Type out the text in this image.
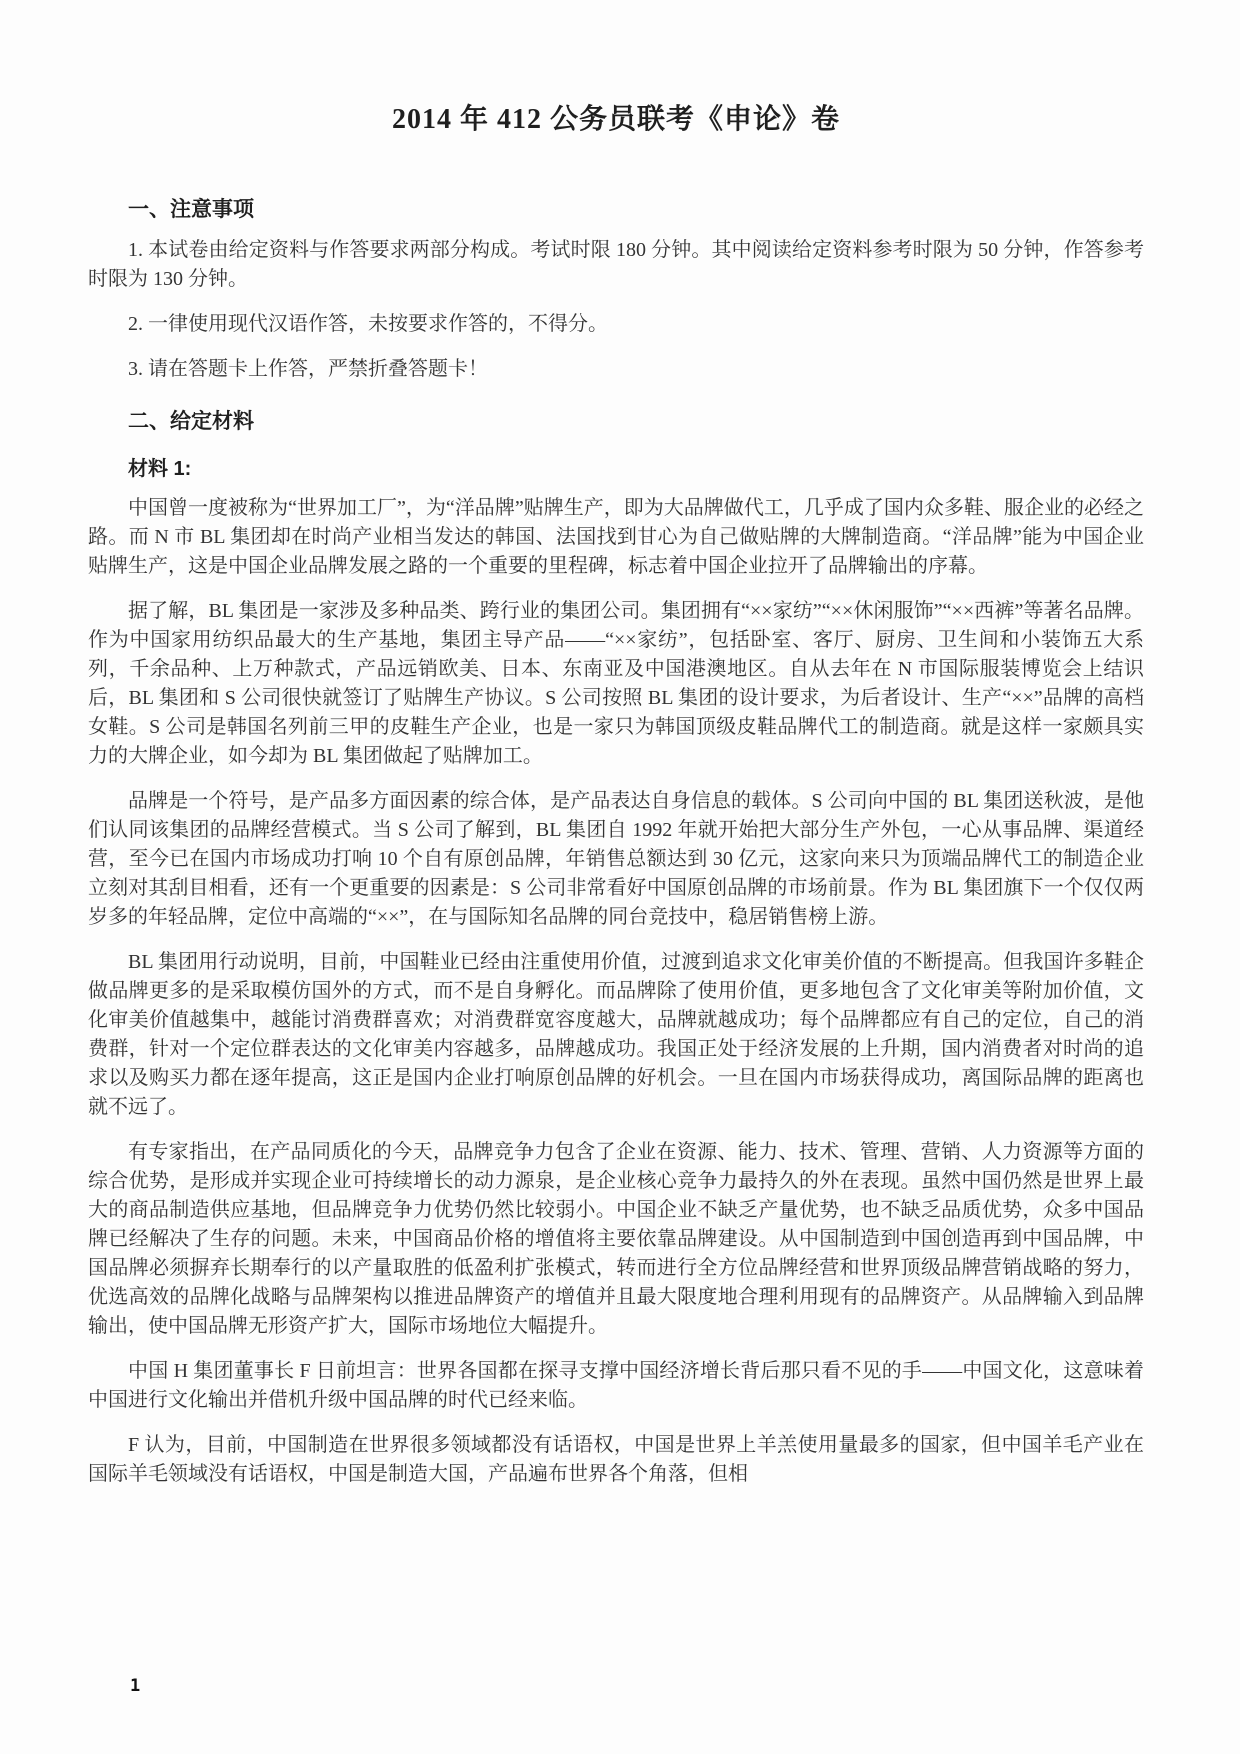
2014 年 412 公务员联考《申论》卷
一、注意事项

1. 本试卷由给定资料与作答要求两部分构成。考试时限 180 分钟。其中阅读给定资料参考时限为 50 分钟，作答参考时限为 130 分钟。

2. 一律使用现代汉语作答，未按要求作答的，不得分。

3. 请在答题卡上作答，严禁折叠答题卡！

二、给定材料
材料 1:

中国曾一度被称为“世界加工厂”，为“洋品牌”贴牌生产，即为大品牌做代工，几乎成了国内众多鞋、服企业的必经之路。而 N 市 BL 集团却在时尚产业相当发达的韩国、法国找到甘心为自己做贴牌的大牌制造商。“洋品牌”能为中国企业贴牌生产，这是中国企业品牌发展之路的一个重要的里程碑，标志着中国企业拉开了品牌输出的序幕。

据了解，BL 集团是一家涉及多种品类、跨行业的集团公司。集团拥有“××家纺”“××休闲服饰”“××西裤”等著名品牌。作为中国家用纺织品最大的生产基地，集团主导产品——“××家纺”，包括卧室、客厅、厨房、卫生间和小装饰五大系列，千余品种、上万种款式，产品远销欧美、日本、东南亚及中国港澳地区。自从去年在 N 市国际服装博览会上结识后，BL 集团和 S 公司很快就签订了贴牌生产协议。S 公司按照 BL 集团的设计要求，为后者设计、生产“××”品牌的高档女鞋。S 公司是韩国名列前三甲的皮鞋生产企业，也是一家只为韩国顶级皮鞋品牌代工的制造商。就是这样一家颇具实力的大牌企业，如今却为 BL 集团做起了贴牌加工。

品牌是一个符号，是产品多方面因素的综合体，是产品表达自身信息的载体。S 公司向中国的 BL 集团送秋波，是他们认同该集团的品牌经营模式。当 S 公司了解到，BL 集团自 1992 年就开始把大部分生产外包，一心从事品牌、渠道经营，至今已在国内市场成功打响 10 个自有原创品牌，年销售总额达到 30 亿元，这家向来只为顶端品牌代工的制造企业立刻对其刮目相看，还有一个更重要的因素是：S 公司非常看好中国原创品牌的市场前景。作为 BL 集团旗下一个仅仅两岁多的年轻品牌，定位中高端的“××”，在与国际知名品牌的同台竞技中，稳居销售榜上游。

BL 集团用行动说明，目前，中国鞋业已经由注重使用价值，过渡到追求文化审美价值的不断提高。但我国许多鞋企做品牌更多的是采取模仿国外的方式，而不是自身孵化。而品牌除了使用价值，更多地包含了文化审美等附加价值，文化审美价值越集中，越能讨消费群喜欢；对消费群宽容度越大，品牌就越成功；每个品牌都应有自己的定位，自己的消费群，针对一个定位群表达的文化审美内容越多，品牌越成功。我国正处于经济发展的上升期，国内消费者对时尚的追求以及购买力都在逐年提高，这正是国内企业打响原创品牌的好机会。一旦在国内市场获得成功，离国际品牌的距离也就不远了。

有专家指出，在产品同质化的今天，品牌竞争力包含了企业在资源、能力、技术、管理、营销、人力资源等方面的综合优势，是形成并实现企业可持续增长的动力源泉，是企业核心竞争力最持久的外在表现。虽然中国仍然是世界上最大的商品制造供应基地，但品牌竞争力优势仍然比较弱小。中国企业不缺乏产量优势，也不缺乏品质优势，众多中国品牌已经解决了生存的问题。未来，中国商品价格的增值将主要依靠品牌建设。从中国制造到中国创造再到中国品牌，中国品牌必须摒弃长期奉行的以产量取胜的低盈利扩张模式，转而进行全方位品牌经营和世界顶级品牌营销战略的努力，优选高效的品牌化战略与品牌架构以推进品牌资产的增值并且最大限度地合理利用现有的品牌资产。从品牌输入到品牌输出，使中国品牌无形资产扩大，国际市场地位大幅提升。

中国 H 集团董事长 F 日前坦言：世界各国都在探寻支撑中国经济增长背后那只看不见的手——中国文化，这意味着中国进行文化输出并借机升级中国品牌的时代已经来临。

F 认为，目前，中国制造在世界很多领域都没有话语权，中国是世界上羊羔使用量最多的国家，但中国羊毛产业在国际羊毛领域没有话语权，中国是制造大国，产品遍布世界各个角落，但相

1
